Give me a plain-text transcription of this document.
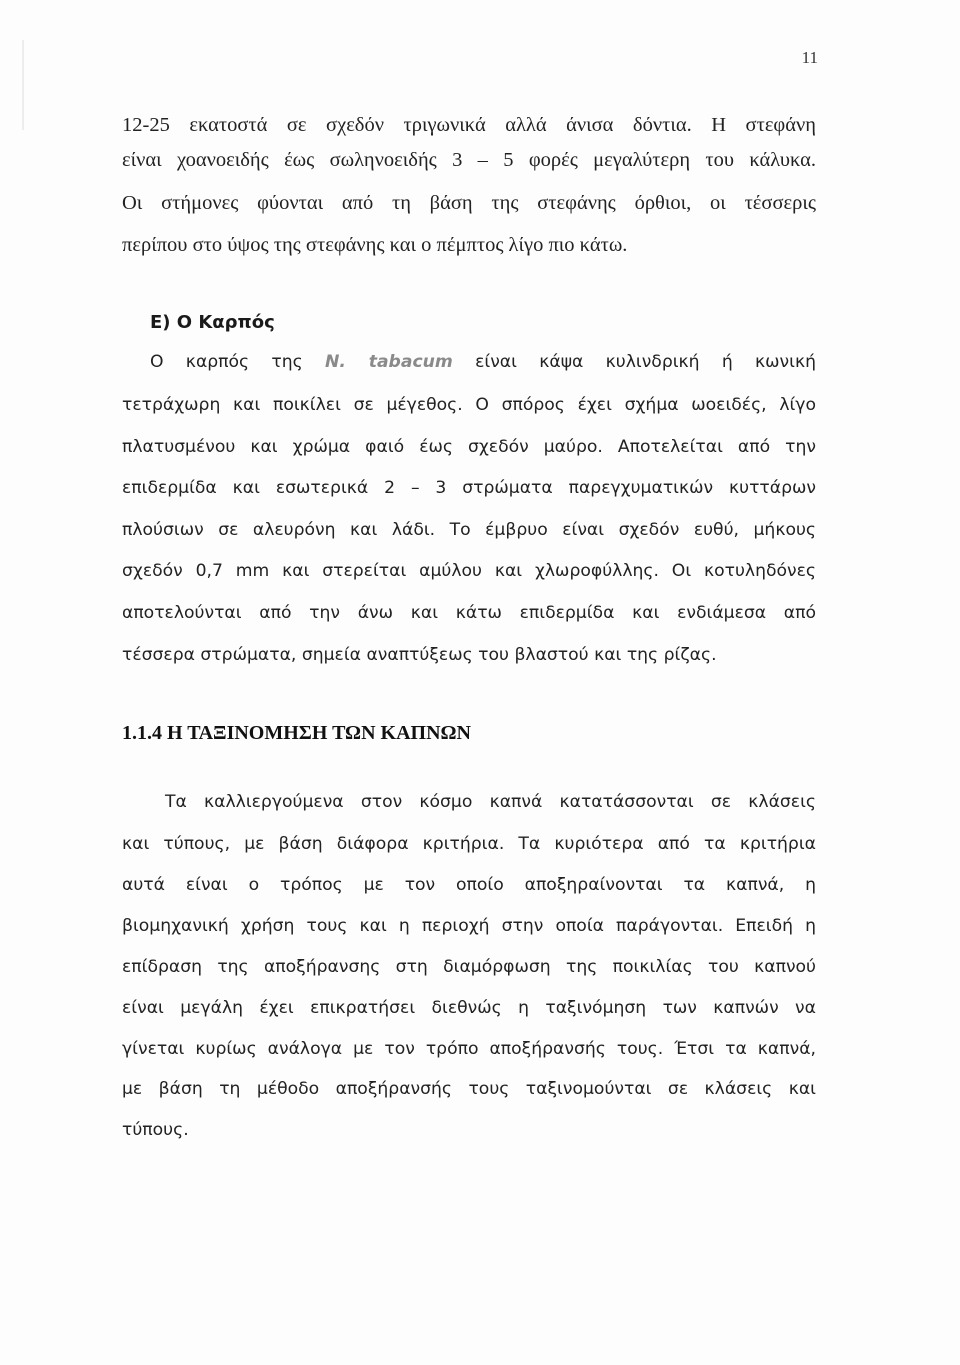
11
12-25 εκατοστά σε σχεδόν τριγωνικά αλλά άνισα δόντια. Η στεφάνη
είναι χοανοειδής έως σωληνοειδής 3 – 5 φορές μεγαλύτερη του κάλυκα.
Οι στήμονες φύονται από τη βάση της στεφάνης όρθιοι, οι τέσσερις
περίπου στο ύψος της στεφάνης και ο πέμπτος λίγο πιο κάτω.
Ε) Ο Καρπός
Ο καρπός της N. tabacum είναι κάψα κυλινδρική ή κωνική
τετράχωρη και ποικίλει σε μέγεθος. Ο σπόρος έχει σχήμα ωοειδές, λίγο
πλατυσμένου και χρώμα φαιό έως σχεδόν μαύρο. Αποτελείται από την
επιδερμίδα και εσωτερικά 2 – 3 στρώματα παρεγχυματικών κυττάρων
πλούσιων σε αλευρόνη και λάδι. Το έμβρυο είναι σχεδόν ευθύ, μήκους
σχεδόν 0,7 mm και στερείται αμύλου και χλωροφύλλης. Οι κοτυληδόνες
αποτελούνται από την άνω και κάτω επιδερμίδα και ενδιάμεσα από
τέσσερα στρώματα, σημεία αναπτύξεως του βλαστού και της ρίζας.
1.1.4 Η ΤΑΞΙΝΟΜΗΣΗ ΤΩΝ ΚΑΠΝΩΝ
Τα καλλιεργούμενα στον κόσμο καπνά κατατάσσονται σε κλάσεις
και τύπους, με βάση διάφορα κριτήρια. Τα κυριότερα από τα κριτήρια
αυτά είναι ο τρόπος με τον οποίο αποξηραίνονται τα καπνά, η
βιομηχανική χρήση τους και η περιοχή στην οποία παράγονται. Επειδή η
επίδραση της αποξήρανσης στη διαμόρφωση της ποικιλίας του καπνού
είναι μεγάλη έχει επικρατήσει διεθνώς η ταξινόμηση των καπνών να
γίνεται κυρίως ανάλογα με τον τρόπο αποξήρανσής τους. Έτσι τα καπνά,
με βάση τη μέθοδο αποξήρανσής τους ταξινομούνται σε κλάσεις και
τύπους.
